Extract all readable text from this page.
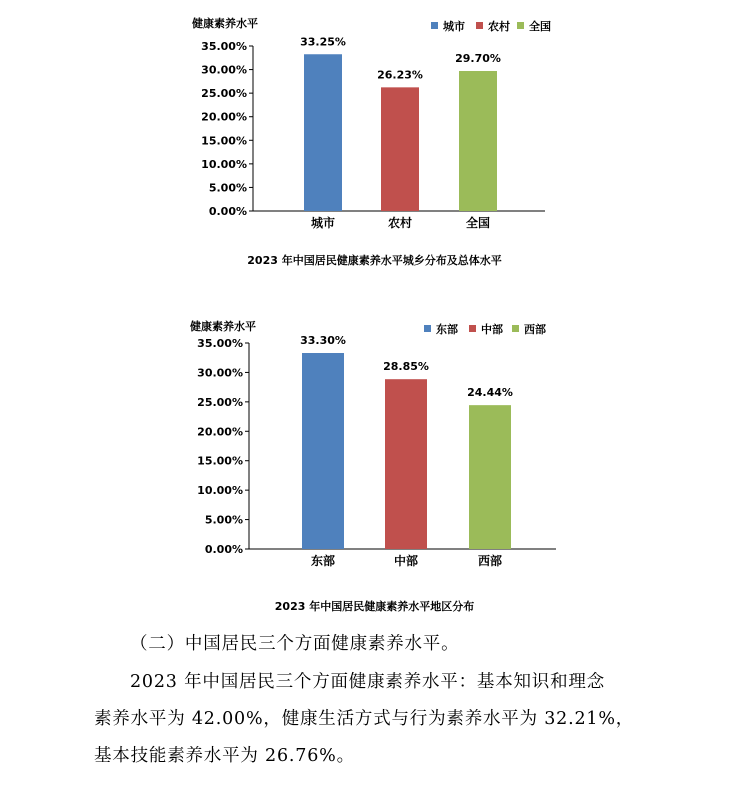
健康素养水平
0.00%
5.00%
10.00%
15.00%
20.00%
25.00%
30.00%
35.00%	33.25%
城市
26.23%
农村
29.70%
全国
城市 农村 全国
2023 年中国居民健康素养水平城乡分布及总体水平
健康素养水平
0.00%
5.00%
10.00%
15.00%
20.00%
25.00%
30.00%
35.00%	33.30%
东部
28.85%
中部
24.44%
西部
东部 中部 西部
2023 年中国居民健康素养水平地区分布
（二）中国居民三个方面健康素养水平。
2023 年中国居民三个方面健康素养水平：基本知识和理念
素养水平为 42.00%，健康生活方式与行为素养水平为 32.21%，
基本技能素养水平为 26.76%。
